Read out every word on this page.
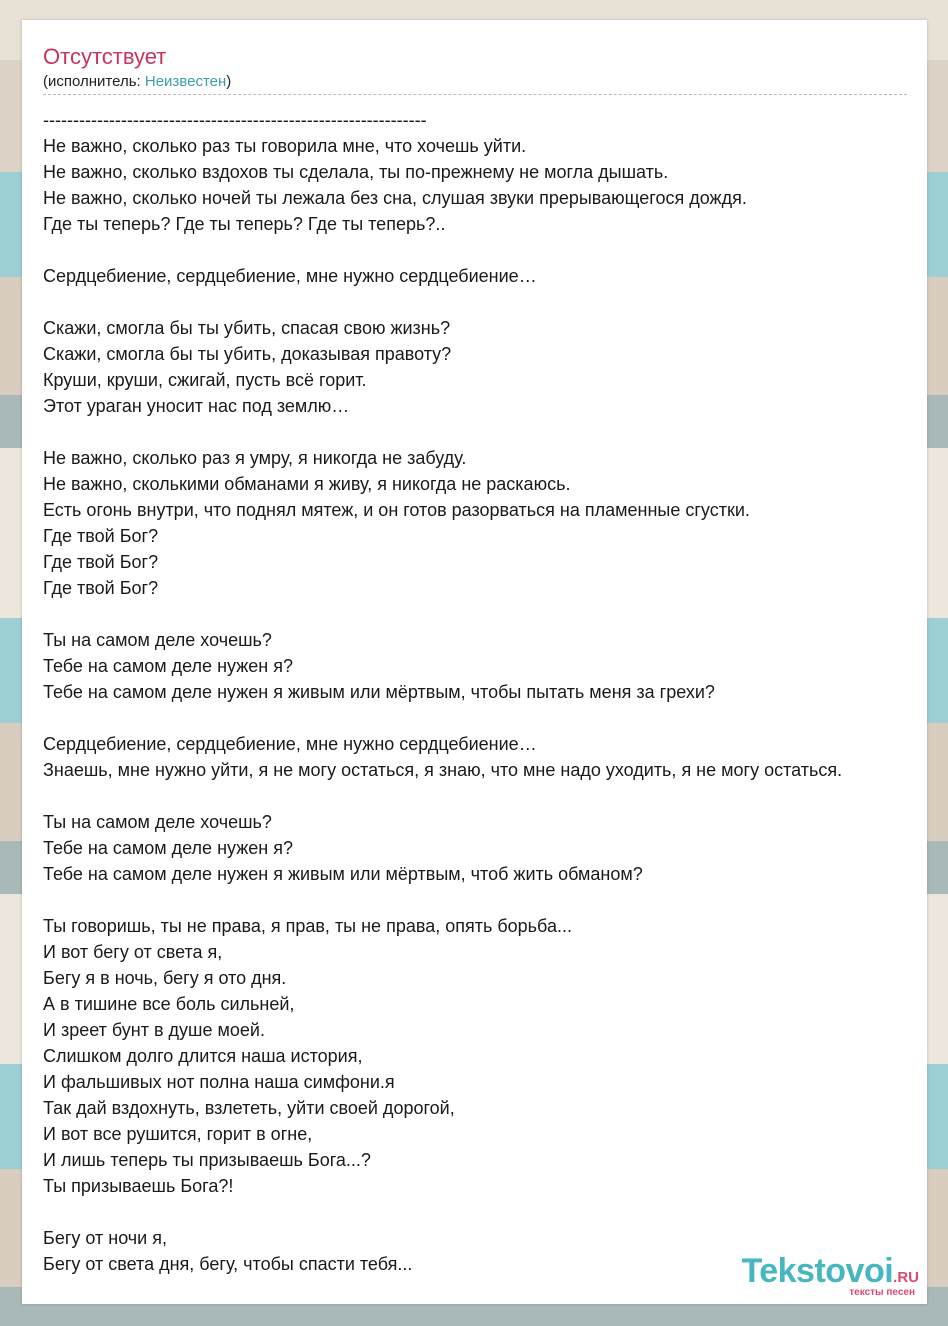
Отсутствует
(исполнитель: Неизвестен)
----------------------------------------------------------------
Не важно, сколько раз ты говорила мне, что хочешь уйти.
Не важно, сколько вздохов ты сделала, ты по-прежнему не могла дышать.
Не важно, сколько ночей ты лежала без сна, слушая звуки прерывающегося дождя.
Где ты теперь? Где ты теперь? Где ты теперь?..
Сердцебиение, сердцебиение, мне нужно сердцебиение…
Скажи, смогла бы ты убить, спасая свою жизнь?
Скажи, смогла бы ты убить, доказывая правоту?
Круши, круши, сжигай, пусть всё горит.
Этот ураган уносит нас под землю…
Не важно, сколько раз я умру, я никогда не забуду.
Не важно, сколькими обманами я живу, я никогда не раскаюсь.
Есть огонь внутри, что поднял мятеж, и он готов разорваться на пламенные сгустки.
Где твой Бог?
Где твой Бог?
Где твой Бог?
Ты на самом деле хочешь?
Тебе на самом деле нужен я?
Тебе на самом деле нужен я живым или мёртвым, чтобы пытать меня за грехи?
Сердцебиение, сердцебиение, мне нужно сердцебиение…
Знаешь, мне нужно уйти, я не могу остаться, я знаю, что мне надо уходить, я не могу остаться.
Ты на самом деле хочешь?
Тебе на самом деле нужен я?
Тебе на самом деле нужен я живым или мёртвым, чтоб жить обманом?
Ты говоришь, ты не права, я прав, ты не права, опять борьба...
И вот бегу от света я,
Бегу я в ночь, бегу я ото дня.
А в тишине все боль сильней,
И зреет бунт в душе моей.
Слишком долго длится наша история,
И фальшивых нот полна наша симфони.я
Так дай вздохнуть, взлететь, уйти своей дорогой,
И вот все рушится, горит в огне,
И лишь теперь ты призываешь Бога...?
Ты призываешь Бога?!
Бегу от ночи я,
Бегу от света дня, бегу, чтобы спасти тебя...	Tekstovoi.RU
тексты песен
